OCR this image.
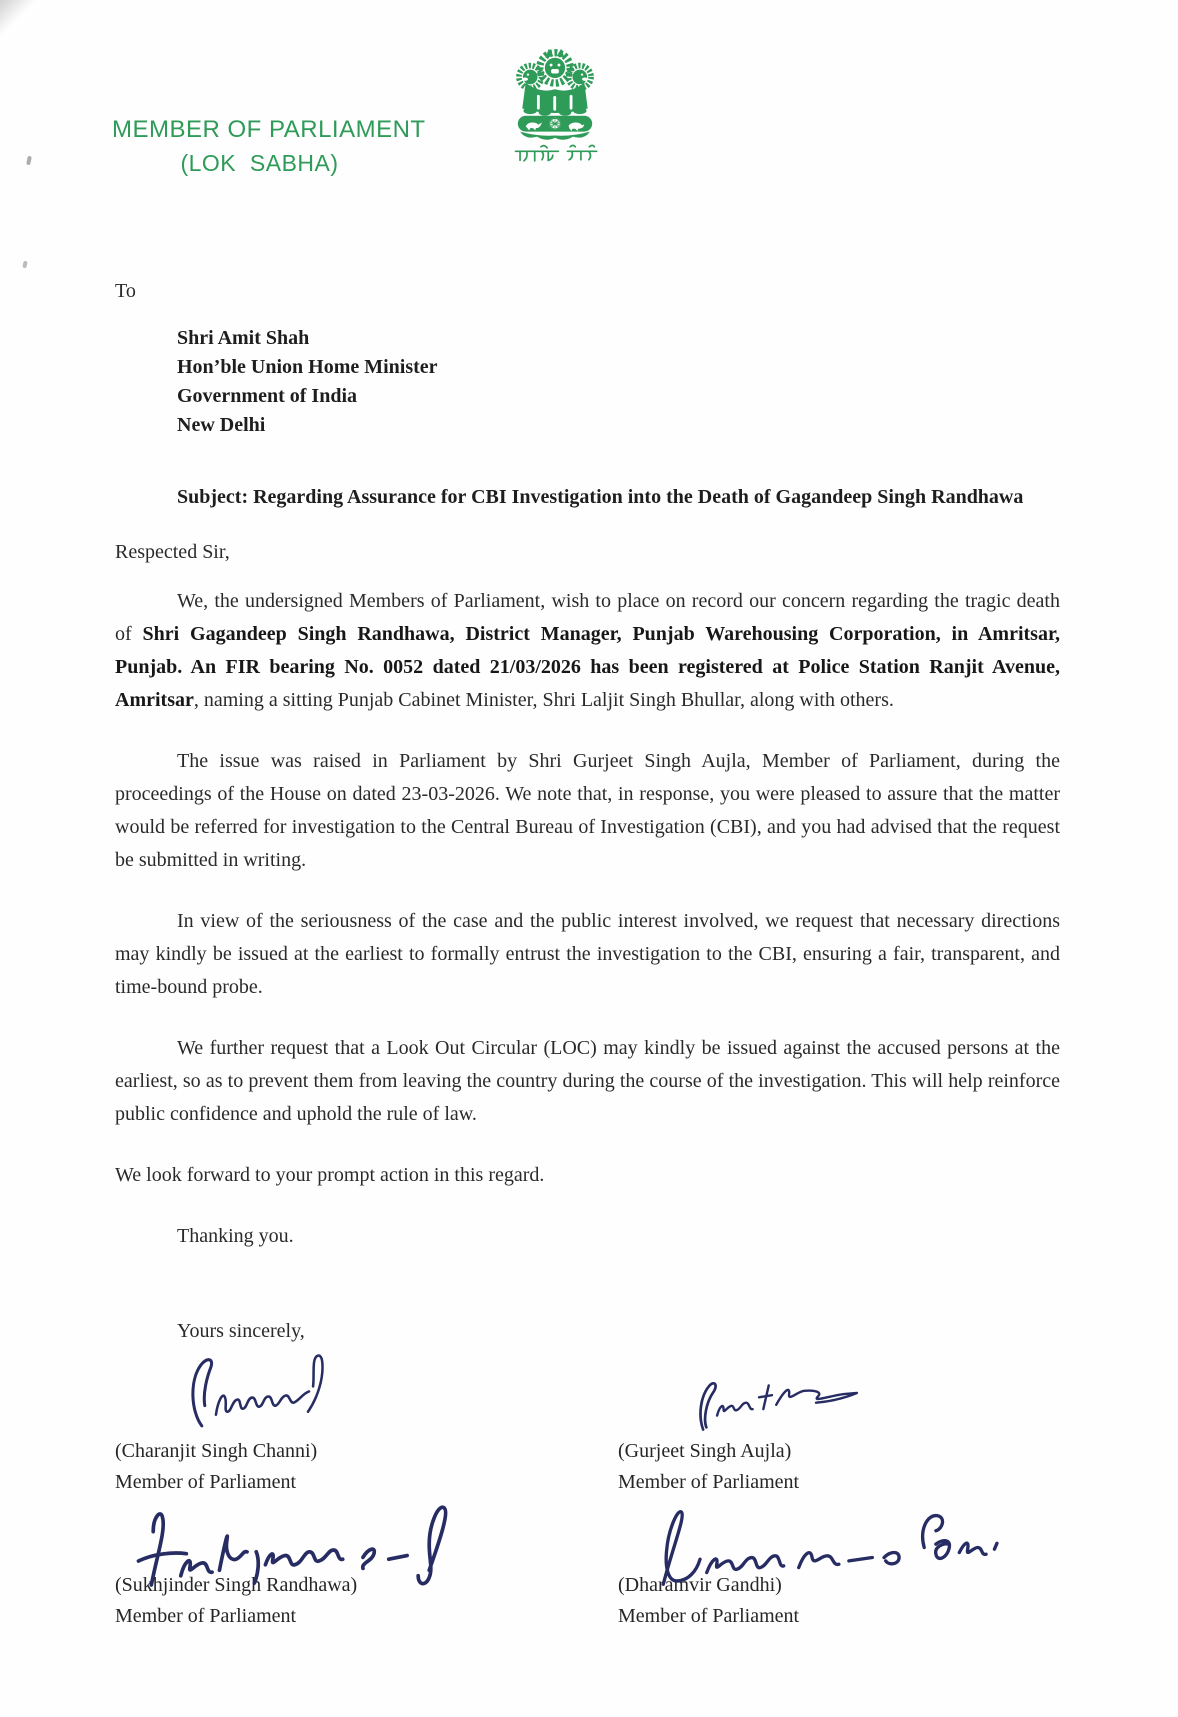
MEMBER OF PARLIAMENT
(LOK  SABHA)

To

Shri Amit Shah
Hon’ble Union Home Minister
Government of India
New Delhi

Subject: Regarding Assurance for CBI Investigation into the Death of Gagandeep Singh Randhawa

Respected Sir,

We, the undersigned Members of Parliament, wish to place on record our concern regarding the tragic death of Shri Gagandeep Singh Randhawa, District Manager, Punjab Warehousing Corporation, in Amritsar, Punjab. An FIR bearing No. 0052 dated 21/03/2026 has been registered at Police Station Ranjit Avenue, Amritsar, naming a sitting Punjab Cabinet Minister, Shri Laljit Singh Bhullar, along with others.

The issue was raised in Parliament by Shri Gurjeet Singh Aujla, Member of Parliament, during the proceedings of the House on dated 23-03-2026. We note that, in response, you were pleased to assure that the matter would be referred for investigation to the Central Bureau of Investigation (CBI), and you had advised that the request be submitted in writing.

In view of the seriousness of the case and the public interest involved, we request that necessary directions may kindly be issued at the earliest to formally entrust the investigation to the CBI, ensuring a fair, transparent, and time-bound probe.

We further request that a Look Out Circular (LOC) may kindly be issued against the accused persons at the earliest, so as to prevent them from leaving the country during the course of the investigation. This will help reinforce public confidence and uphold the rule of law.

We look forward to your prompt action in this regard.

Thanking you.

Yours sincerely,

(Charanjit Singh Channi)
Member of Parliament
(Gurjeet Singh Aujla)
Member of Parliament
(Sukhjinder Singh Randhawa)
Member of Parliament
(Dharamvir Gandhi)
Member of Parliament
